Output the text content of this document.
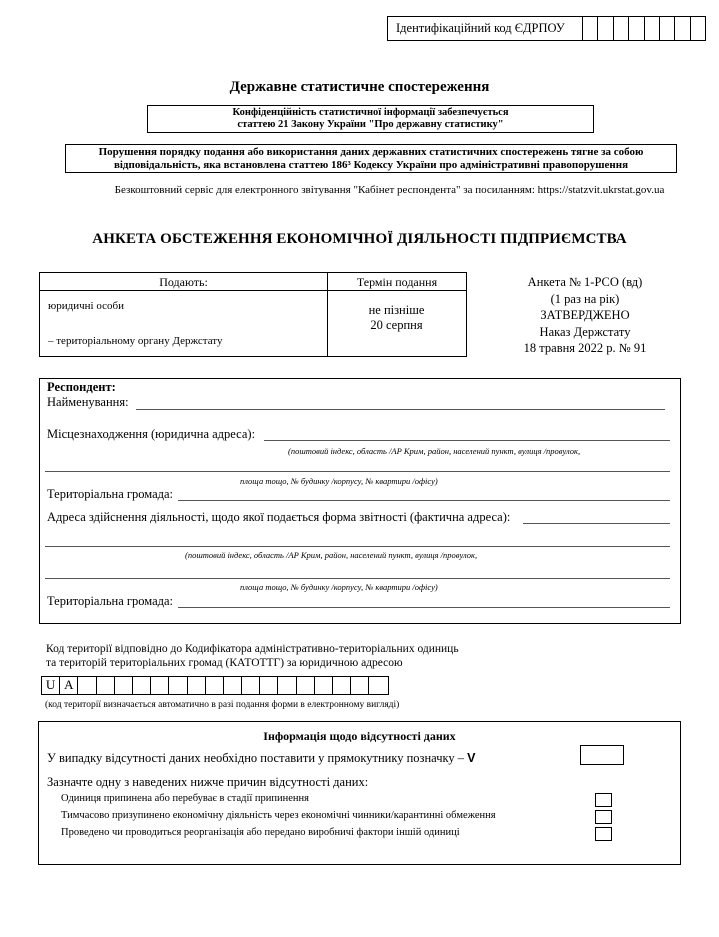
Ідентифікаційний код ЄДРПОУ
Державне статистичне спостереження
Конфіденційність статистичної інформації забезпечується
статтею 21 Закону України "Про державну статистику"
Порушення порядку подання або використання даних державних статистичних спостережень тягне за собою
відповідальність, яка встановлена статтею 186³ Кодексу України про адміністративні правопорушення
Безкоштовний сервіс для електронного звітування "Кабінет респондента" за посиланням: https://statzvit.ukrstat.gov.ua
АНКЕТА ОБСТЕЖЕННЯ ЕКОНОМІЧНОЇ ДІЯЛЬНОСТІ ПІДПРИЄМСТВА
Подають:	Термін подання
юридичні особи
– територіальному органу Держстату
не пізніше
20 серпня
Анкета № 1-РСО (вд)
(1 раз на рік)
ЗАТВЕРДЖЕНО
Наказ Держстату
18 травня 2022 р. № 91
Респондент:
Найменування:
Місцезнаходження (юридична адреса):
(поштовий індекс, область /АР Крим, район, населений пункт, вулиця /провулок,
площа тощо, № будинку /корпусу, № квартири /офісу)
Територіальна громада:
Адреса здійснення діяльності, щодо якої подається форма звітності (фактична адреса):
(поштовий індекс, область /АР Крим, район, населений пункт, вулиця /провулок,
площа тощо, № будинку /корпусу, № квартири /офісу)
Територіальна громада:
Код території відповідно до Кодифікатора адміністративно-територіальних одиниць
та територій територіальних громад (КАТОТТГ) за юридичною адресою
U A
(код території визначається автоматично в разі подання форми в електронному вигляді)
Інформація щодо відсутності даних
У випадку відсутності даних необхідно поставити у прямокутнику позначку – V
Зазначте одну з наведених нижче причин відсутності даних:
Одиниця припинена або перебуває в стадії припинення
Тимчасово призупинено економічну діяльність через економічні чинники/карантинні обмеження
Проведено чи проводиться реорганізація або передано виробничі фактори іншій одиниці
